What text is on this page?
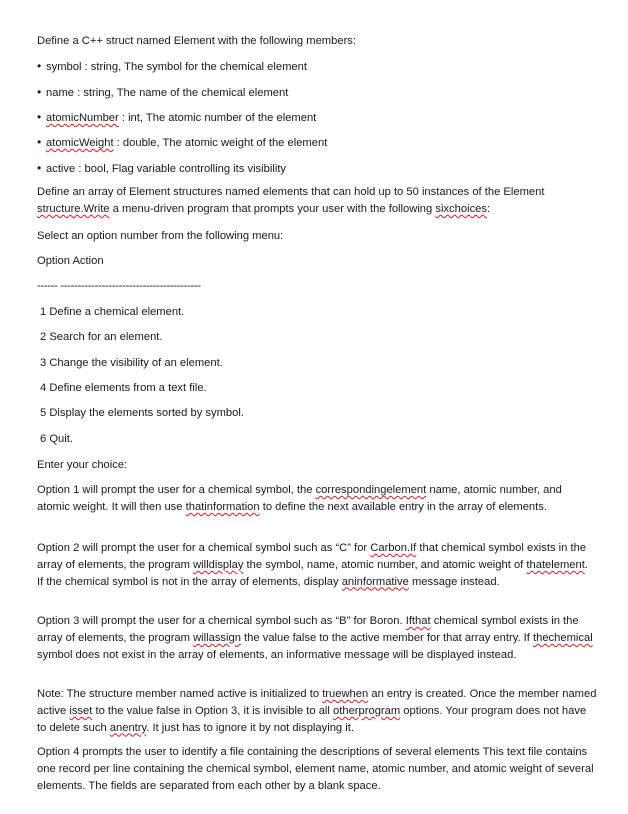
Define a C++ struct named Element with the following members:
• symbol : string, The symbol for the chemical element
• name : string, The name of the chemical element
• atomicNumber : int, The atomic number of the element
• atomicWeight : double, The atomic weight of the element
• active : bool, Flag variable controlling its visibility
Define an array of Element structures named elements that can hold up to 50 instances of the Element structure.Write a menu-driven program that prompts your user with the following sixchoices:
Select an option number from the following menu:
Option Action
------ -----------------------------------------
1 Define a chemical element.
2 Search for an element.
3 Change the visibility of an element.
4 Define elements from a text file.
5 Display the elements sorted by symbol.
6 Quit.
Enter your choice:
Option 1 will prompt the user for a chemical symbol, the correspondingelement name, atomic number, and atomic weight. It will then use thatinformation to define the next available entry in the array of elements.
Option 2 will prompt the user for a chemical symbol such as “C” for Carbon.If that chemical symbol exists in the array of elements, the program willdisplay the symbol, name, atomic number, and atomic weight of thatelement. If the chemical symbol is not in the array of elements, display aninformative message instead.
Option 3 will prompt the user for a chemical symbol such as “B” for Boron. Ifthat chemical symbol exists in the array of elements, the program willassign the value false to the active member for that array entry. If thechemical symbol does not exist in the array of elements, an informative message will be displayed instead.
Note: The structure member named active is initialized to truewhen an entry is created. Once the member named active isset to the value false in Option 3, it is invisible to all otherprogram options. Your program does not have to delete such anentry. It just has to ignore it by not displaying it.
Option 4 prompts the user to identify a file containing the descriptions of several elements This text file contains one record per line containing the chemical symbol, element name, atomic number, and atomic weight of several elements. The fields are separated from each other by a blank space.
